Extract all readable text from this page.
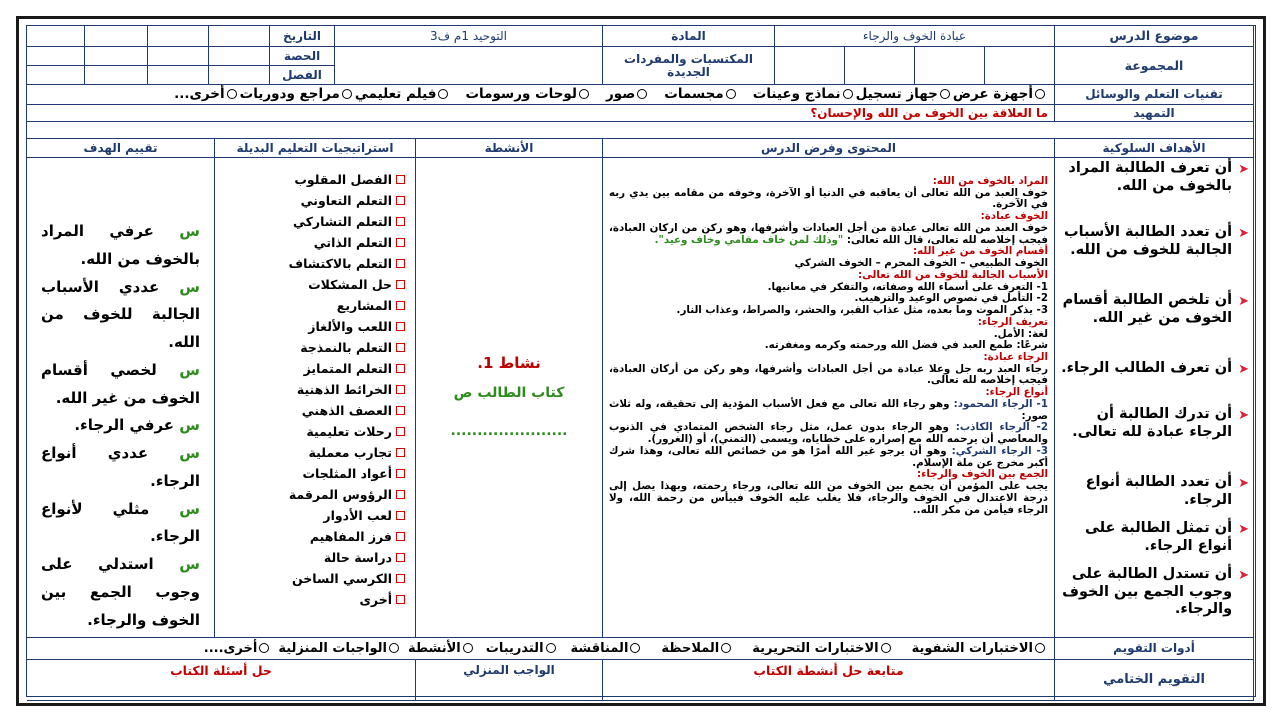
موضوع الدرس
عبادة الخوف والرجاء
المادة
التوحيد 1م ف3
التاريخ
المجموعة
المكتسبات والمفردات الجديدة
الحصة
الفصل
تقنيات التعلم والوسائل
أجهزة عرض
جهاز تسجيل
نماذج وعينات
مجسمات
صور
لوحات ورسومات
فيلم تعليمي
مراجع ودوريات
أخرى...
التمهيد
ما العلاقة بين الخوف من الله والإحسان؟
الأهداف السلوكية
المحتوى وفرض الدرس
الأنشطة
استراتيجيات التعليم البديلة
تقييم الهدف
➤
أن تعرف الطالبة المراد بالخوف من الله.
➤
أن تعدد الطالبة الأسباب الجالبة للخوف من الله.
➤
أن تلخص الطالبة أقسام الخوف من غير الله.
➤
أن تعرف الطالب الرجاء.
➤
أن تدرك الطالبة أن الرجاء عبادة لله تعالى.
➤
أن تعدد الطالبة أنواع الرجاء.
➤
أن تمثل الطالبة على أنواع الرجاء.
➤
أن تستدل الطالبة على وجوب الجمع بين الخوف والرجاء.
المراد بالخوف من الله:
خوف العبد من الله تعالى أن يعاقبه في الدنيا أو الآخرة، وخوفه من مقامه بين يدي ربه في الآخرة.
الخوف عبادة:
خوف العبد من الله تعالى عبادة من أجل العبادات وأشرفها، وهو ركن من اركان العبادة، فيجب إخلاصه لله تعالى، قال الله تعالى: "وذلك لمن خاف مقامي وخاف وعيد".
أقسام الخوف من غير الله:
الخوف الطبيعي – الخوف المحرم – الخوف الشركي
الأسباب الجالبة للخوف من الله تعالى:
1- التعرف على أسماء الله وصفاته، والتفكر في معانيها.
2- التأمل في نصوص الوعيد والترهيب.
3- يذكر الموت وما بعده، مثل عذاب القبر، والحشر، والصراط، وعذاب النار.
تعريف الرجاء:
لغة: الأمل.
شرعًا: طمع العبد في فضل الله ورحمته وكرمه ومغفرته.
الرجاء عبادة:
رجاء العبد ربه جل وعلا عبادة من أجل العبادات وأشرفها، وهو ركن من أركان العبادة، فيجب إخلاصه لله تعالى.
أنواع الرجاء:
1- الرجاء المحمود: وهو رجاء الله تعالى مع فعل الأسباب المؤدية إلى تحقيقه، وله ثلاث صور:
2- الرجاء الكاذب: وهو الرجاء بدون عمل، مثل رجاء الشخص المتمادي في الذنوب والمعاصي أن يرحمه الله مع إصراره على خطاياه، ويسمى (التمني)، أو (الغرور).
3- الرجاء الشركي: وهو أن يرجو غير الله أمرًا هو من خصائص الله تعالى، وهذا شرك أكبر مخرج عن ملة الإسلام.
الجمع بين الخوف والرجاء:
يجب على المؤمن أن يجمع بين الخوف من الله تعالى، ورجاء رحمته، وبهذا يصل إلى درجة الاعتدال في الخوف والرجاء، فلا يغلب عليه الخوف فييأس من رحمة الله، ولا الرجاء فيأمن من مكر الله..
نشاط 1.
كتاب الطالب ص
......................
الفصل المقلوب
التعلم التعاوني
التعلم التشاركي
التعلم الذاتي
التعلم بالاكتشاف
حل المشكلات
المشاريع
اللعب والألغاز
التعلم بالنمذجة
التعلم المتمايز
الخرائط الذهنية
العصف الذهني
رحلات تعليمية
تجارب معملية
أعواد المثلجات
الرؤوس المرقمة
لعب الأدوار
فرز المفاهيم
دراسة حالة
الكرسي الساخن
أخرى
س عرفي المراد بالخوف من الله.
س عددي الأسباب الجالبة للخوف من الله.
س لخصي أقسام الخوف من غير الله.
س عرفي الرجاء.
س عددي أنواع الرجاء.
س مثلي لأنواع الرجاء.
س استدلي على وجوب الجمع بين الخوف والرجاء.
أدوات التقويم
الاختبارات الشفوية
الاختبارات التحريرية
الملاحظة
المناقشة
التدريبات
الأنشطة
الواجبات المنزلية
أخرى....
التقويم الختامي
متابعة حل أنشطة الكتاب
الواجب المنزلي
حل أسئلة الكتاب
